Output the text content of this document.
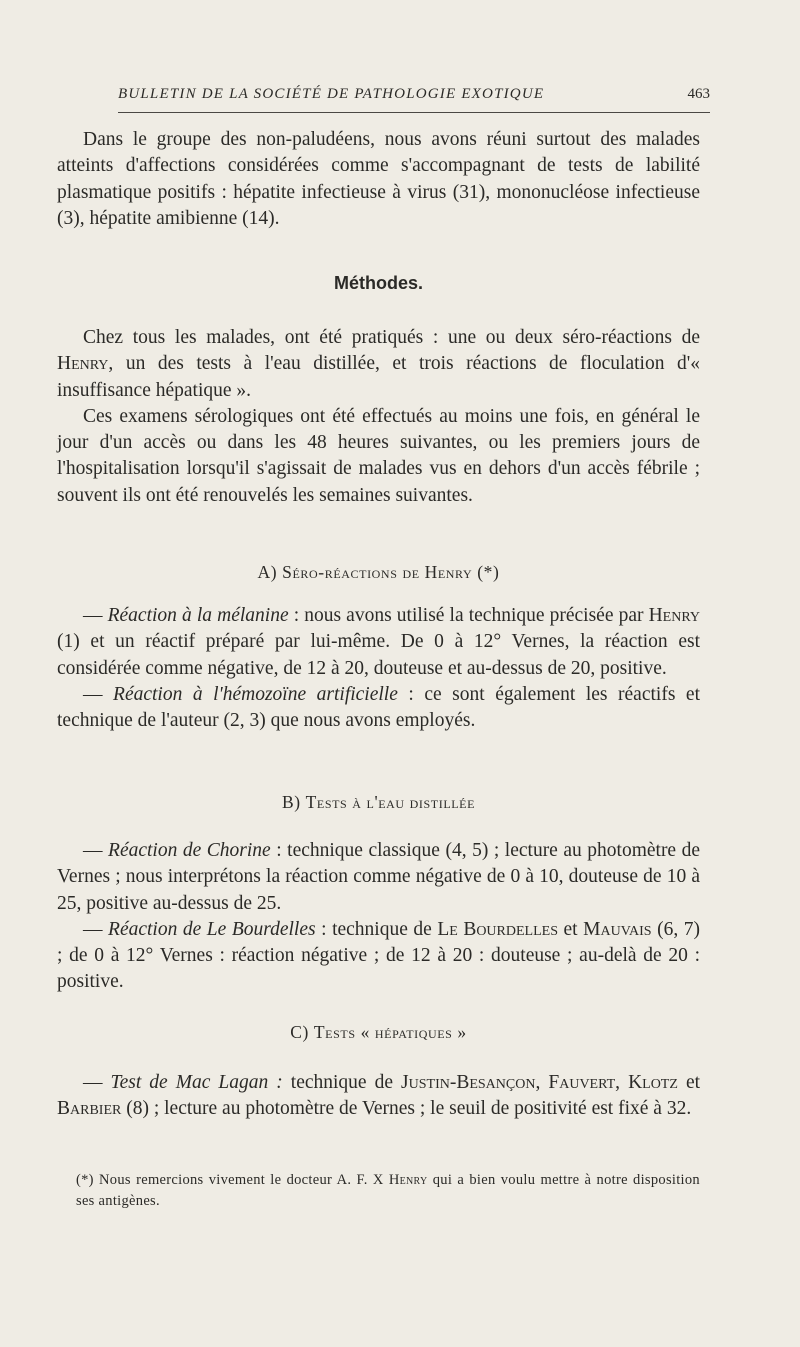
BULLETIN DE LA SOCIÉTÉ DE PATHOLOGIE EXOTIQUE	463

Dans le groupe des non-paludéens, nous avons réuni surtout des malades atteints d'affections considérées comme s'accompagnant de tests de labilité plasmatique positifs : hépatite infectieuse à virus (31), mononucléose infectieuse (3), hépatite amibienne (14).

Méthodes.

Chez tous les malades, ont été pratiqués : une ou deux séro-réactions de Henry, un des tests à l'eau distillée, et trois réactions de floculation d'« insuffisance hépatique ».

Ces examens sérologiques ont été effectués au moins une fois, en général le jour d'un accès ou dans les 48 heures suivantes, ou les premiers jours de l'hospitalisation lorsqu'il s'agissait de malades vus en dehors d'un accès fébrile ; souvent ils ont été renouvelés les semaines suivantes.

A) Séro-réactions de Henry (*)

— Réaction à la mélanine : nous avons utilisé la technique précisée par Henry (1) et un réactif préparé par lui-même. De 0 à 12° Vernes, la réaction est considérée comme négative, de 12 à 20, douteuse et au-dessus de 20, positive.

— Réaction à l'hémozoïne artificielle : ce sont également les réactifs et technique de l'auteur (2, 3) que nous avons employés.

B) Tests à l'eau distillée

— Réaction de Chorine : technique classique (4, 5) ; lecture au photomètre de Vernes ; nous interprétons la réaction comme négative de 0 à 10, douteuse de 10 à 25, positive au-dessus de 25.

— Réaction de Le Bourdelles : technique de Le Bourdelles et Mauvais (6, 7) ; de 0 à 12° Vernes : réaction négative ; de 12 à 20 : douteuse ; au-delà de 20 : positive.

C) Tests « hépatiques »

— Test de Mac Lagan : technique de Justin-Besançon, Fauvert, Klotz et Barbier (8) ; lecture au photomètre de Vernes ; le seuil de positivité est fixé à 32.

(*) Nous remercions vivement le docteur A. F. X Henry qui a bien voulu mettre à notre disposition ses antigènes.
